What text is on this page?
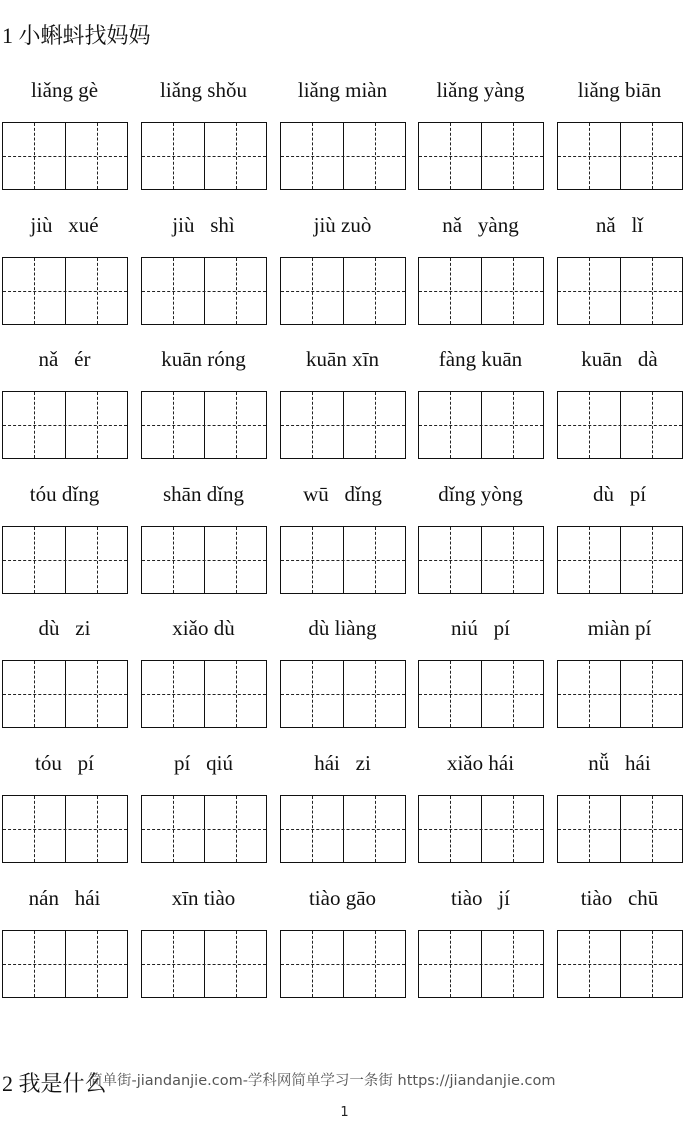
1 小蝌蚪找妈妈
liǎng gè	liǎng shǒu	liǎng miàn	liǎng yàng	liǎng biān
jiù   xué	jiù   shì	jiù zuò	nǎ   yàng	nǎ   lǐ
nǎ   ér	kuān róng	kuān xīn	fàng kuān	kuān   dà
tóu dǐng	shān dǐng	wū   dǐng	dǐng yòng	dù   pí
dù   zi	xiǎo dù	dù liàng	niú   pí	miàn pí
tóu   pí	pí   qiú	hái   zi	xiǎo hái	nǚ   hái
nán   hái	xīn tiào	tiào gāo	tiào   jí	tiào   chū
2 我是什么
简单街-jiandanjie.com-学科网简单学习一条街 https://jiandanjie.com
1
